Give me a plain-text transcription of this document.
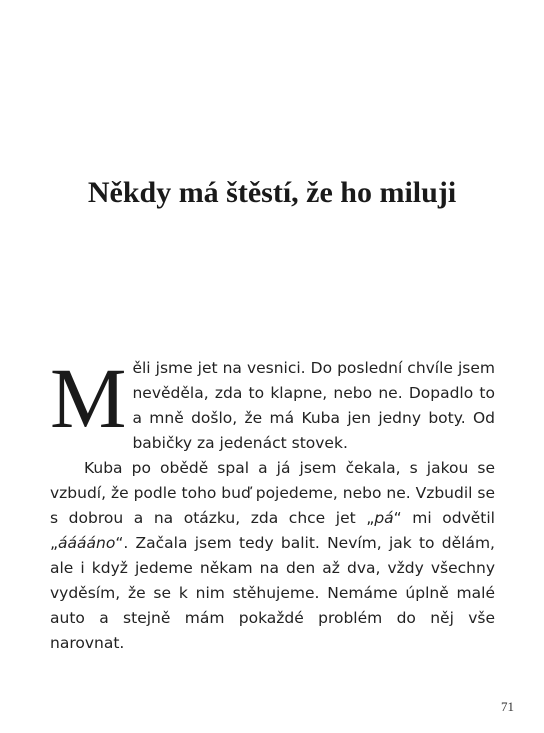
Někdy má štěstí, že ho miluji

Měli jsme jet na vesnici. Do poslední chvíle jsem nevěděla, zda to klapne, nebo ne. Dopadlo to a mně došlo, že má Kuba jen jedny boty. Od babičky za jedenáct stovek.

Kuba po obědě spal a já jsem čekala, s jakou se vzbudí, že podle toho buď pojedeme, nebo ne. Vzbudil se s dobrou a na otázku, zda chce jet „pá“ mi odvětil „ááááno“. Začala jsem tedy balit. Nevím, jak to dělám, ale i když jedeme někam na den až dva, vždy všechny vyděsím, že se k nim stěhujeme. Nemáme úplně malé auto a stejně mám pokaždé problém do něj vše narovnat.

71
